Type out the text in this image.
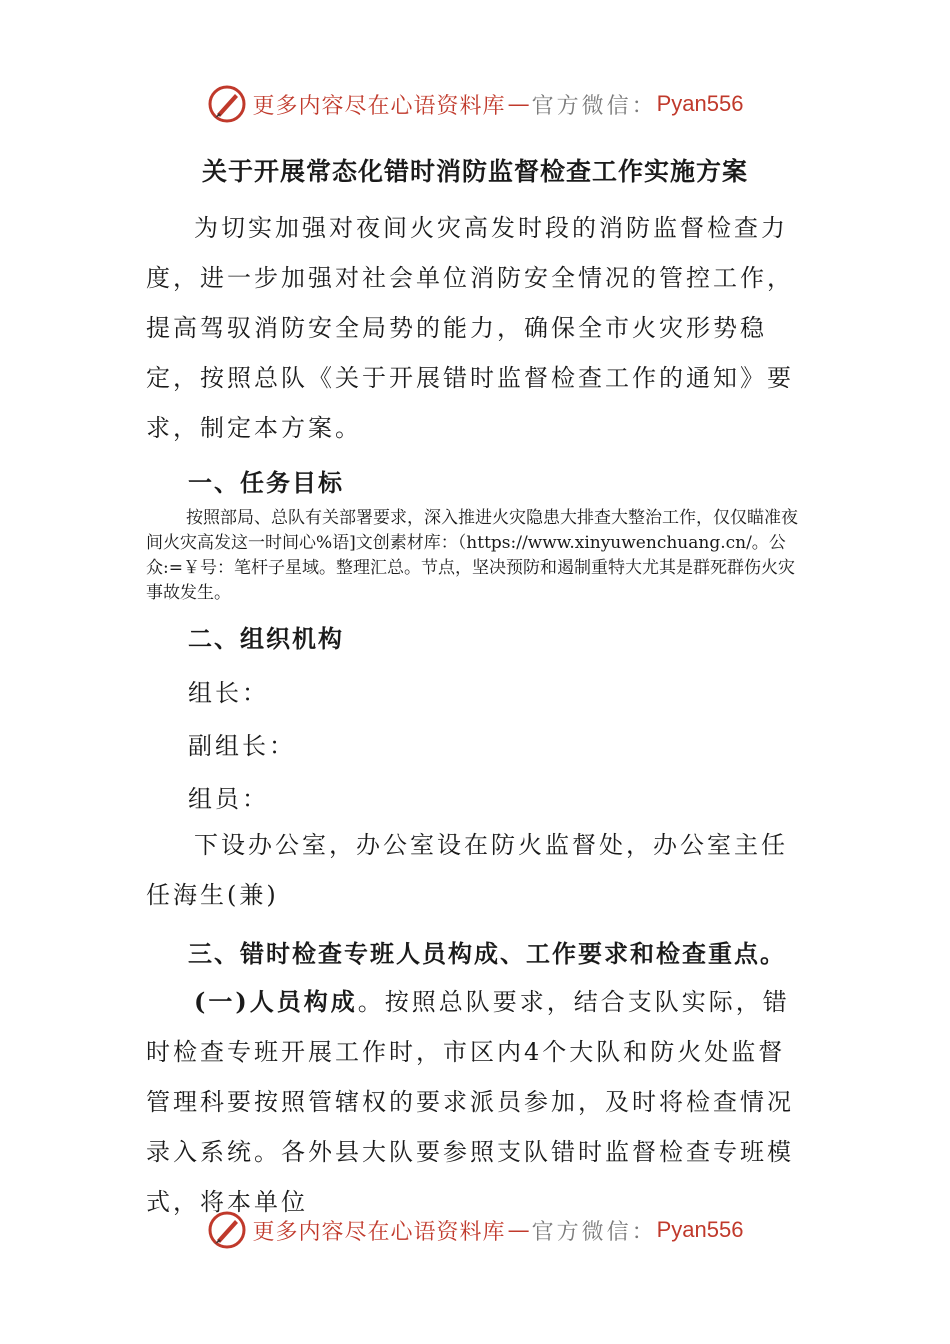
更多内容尽在心语资料库 — 官方微信： Pyan556
关于开展常态化错时消防监督检查工作实施方案
为切实加强对夜间火灾高发时段的消防监督检查力度，进一步加强对社会单位消防安全情况的管控工作，提高驾驭消防安全局势的能力，确保全市火灾形势稳定，按照总队《关于开展错时监督检查工作的通知》要求，制定本方案。
一、任务目标
按照部局、总队有关部署要求，深入推进火灾隐患大排查大整治工作，仅仅瞄准夜间火灾高发这一时间心%语]文创素材库：（https://www.xinyuwenchuang.cn/。公众:=￥号：笔杆子星域。整理汇总。节点，坚决预防和遏制重特大尤其是群死群伤火灾事故发生。
二、组织机构
组长：
副组长：
组员：
下设办公室，办公室设在防火监督处，办公室主任任海生(兼)
三、错时检查专班人员构成、工作要求和检查重点。
(一)人员构成。按照总队要求，结合支队实际，错时检查专班开展工作时，市区内4个大队和防火处监督管理科要按照管辖权的要求派员参加，及时将检查情况录入系统。各外县大队要参照支队错时监督检查专班模式，将本单位
更多内容尽在心语资料库 — 官方微信： Pyan556
